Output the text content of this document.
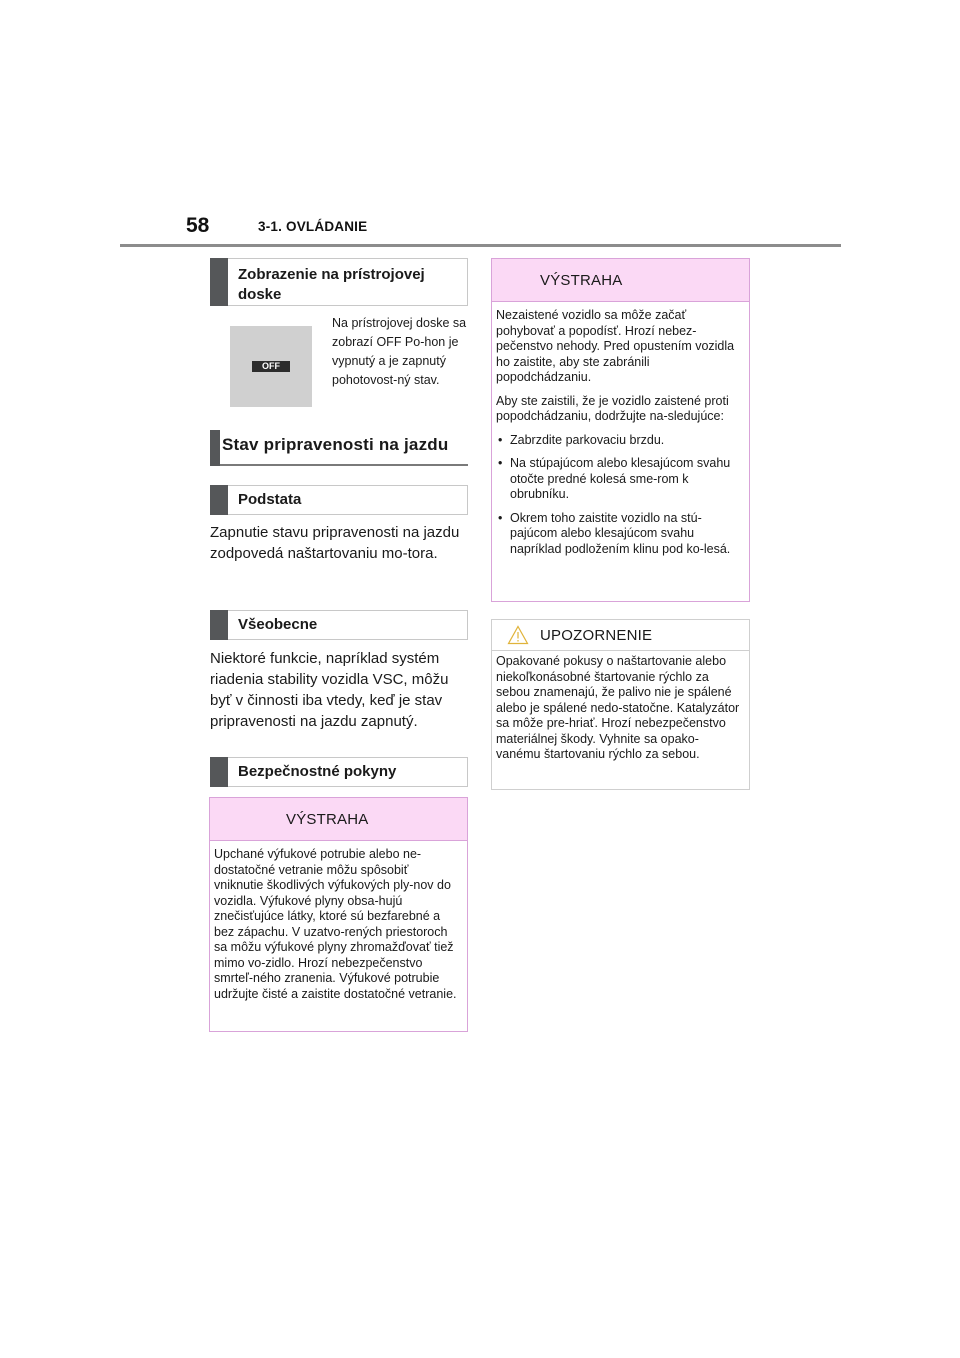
58	3-1. OVLÁDANIE
Zobrazenie na prístrojovej doske
OFF
Na prístrojovej doske sa zobrazí OFF Po-hon je vypnutý a je zapnutý pohotovost-ný stav.
Stav pripravenosti na jazdu
Podstata
Zapnutie stavu pripravenosti na jazdu zodpovedá naštartovaniu mo-tora.
Všeobecne
Niektoré funkcie, napríklad systém riadenia stability vozidla VSC, môžu byť v činnosti iba vtedy, keď je stav pripravenosti na jazdu zapnutý.
Bezpečnostné pokyny
VÝSTRAHA
Upchané výfukové potrubie alebo ne-dostatočné vetranie môžu spôsobiť vniknutie škodlivých výfukových ply-nov do vozidla. Výfukové plyny obsa-hujú znečisťujúce látky, ktoré sú bezfarebné a bez zápachu. V uzatvo-rených priestoroch sa môžu výfukové plyny zhromažďovať tiež mimo vo-zidlo. Hrozí nebezpečenstvo smrteľ-ného zranenia. Výfukové potrubie udržujte čisté a zaistite dostatočné vetranie.
VÝSTRAHA

Nezaistené vozidlo sa môže začať pohybovať a popodísť. Hrozí nebez-pečenstvo nehody. Pred opustením vozidla ho zaistite, aby ste zabránili popodchádzaniu.

Aby ste zaistili, že je vozidlo zaistené proti popodchádzaniu, dodržujte na-sledujúce:

• Zabrzdite parkovaciu brzdu.
• Na stúpajúcom alebo klesajúcom svahu otočte predné kolesá sme-rom k obrubníku.
• Okrem toho zaistite vozidlo na stú-pajúcom alebo klesajúcom svahu napríklad podložením klinu pod ko-lesá.
UPOZORNENIE
Opakované pokusy o naštartovanie alebo niekoľkonásobné štartovanie rýchlo za sebou znamenajú, že palivo nie je spálené alebo je spálené nedo-statočne. Katalyzátor sa môže pre-hriať. Hrozí nebezpečenstvo materiálnej škody. Vyhnite sa opako-vanému štartovaniu rýchlo za sebou.
